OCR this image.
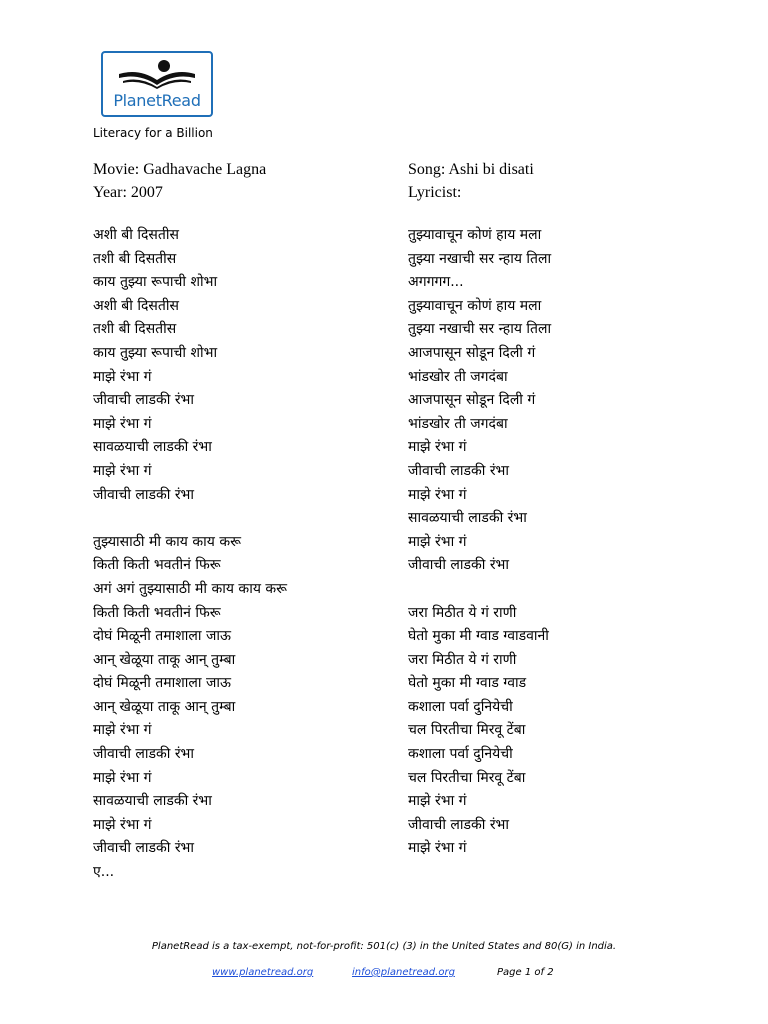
PlanetRead
Literacy for a Billion
Movie: Gadhavache Lagna
Year: 2007
Song: Ashi bi disati
Lyricist:
अशी बी दिसतीस
तशी बी दिसतीस
काय तुझ्या रूपाची शोभा
अशी बी दिसतीस
तशी बी दिसतीस
काय तुझ्या रूपाची शोभा
माझे रंभा गं
जीवाची लाडकी रंभा
माझे रंभा गं
सावळयाची लाडकी रंभा
माझे रंभा गं
जीवाची लाडकी रंभा
तुझ्यासाठी मी काय काय करू
किती किती भवतीनं फिरू
अगं अगं तुझ्यासाठी मी काय काय करू
किती किती भवतीनं फिरू
दोघं मिळूनी तमाशाला जाऊ
आन् खेळूया ताकू आन् तुम्बा
दोघं मिळूनी तमाशाला जाऊ
आन् खेळूया ताकू आन् तुम्बा
माझे रंभा गं
जीवाची लाडकी रंभा
माझे रंभा गं
सावळयाची लाडकी रंभा
माझे रंभा गं
जीवाची लाडकी रंभा
ए...
तुझ्यावाचून कोणं हाय मला
तुझ्या नखाची सर न्हाय तिला
अगगगग...
तुझ्यावाचून कोणं हाय मला
तुझ्या नखाची सर न्हाय तिला
आजपासून सोडून दिली गं
भांडखोर ती जगदंबा
आजपासून सोडून दिली गं
भांडखोर ती जगदंबा
माझे रंभा गं
जीवाची लाडकी रंभा
माझे रंभा गं
सावळयाची लाडकी रंभा
माझे रंभा गं
जीवाची लाडकी रंभा
जरा मिठीत ये गं राणी
घेतो मुका मी ग्वाड ग्वाडवानी
जरा मिठीत ये गं राणी
घेतो मुका मी ग्वाड ग्वाड
कशाला पर्वा दुनियेची
चल पिरतीचा मिरवू टेंबा
कशाला पर्वा दुनियेची
चल पिरतीचा मिरवू टेंबा
माझे रंभा गं
जीवाची लाडकी रंभा
माझे रंभा गं
PlanetRead is a tax-exempt, not-for-profit: 501(c) (3) in the United States and 80(G) in India.
www.planetread.org	info@planetread.org	Page 1 of 2
